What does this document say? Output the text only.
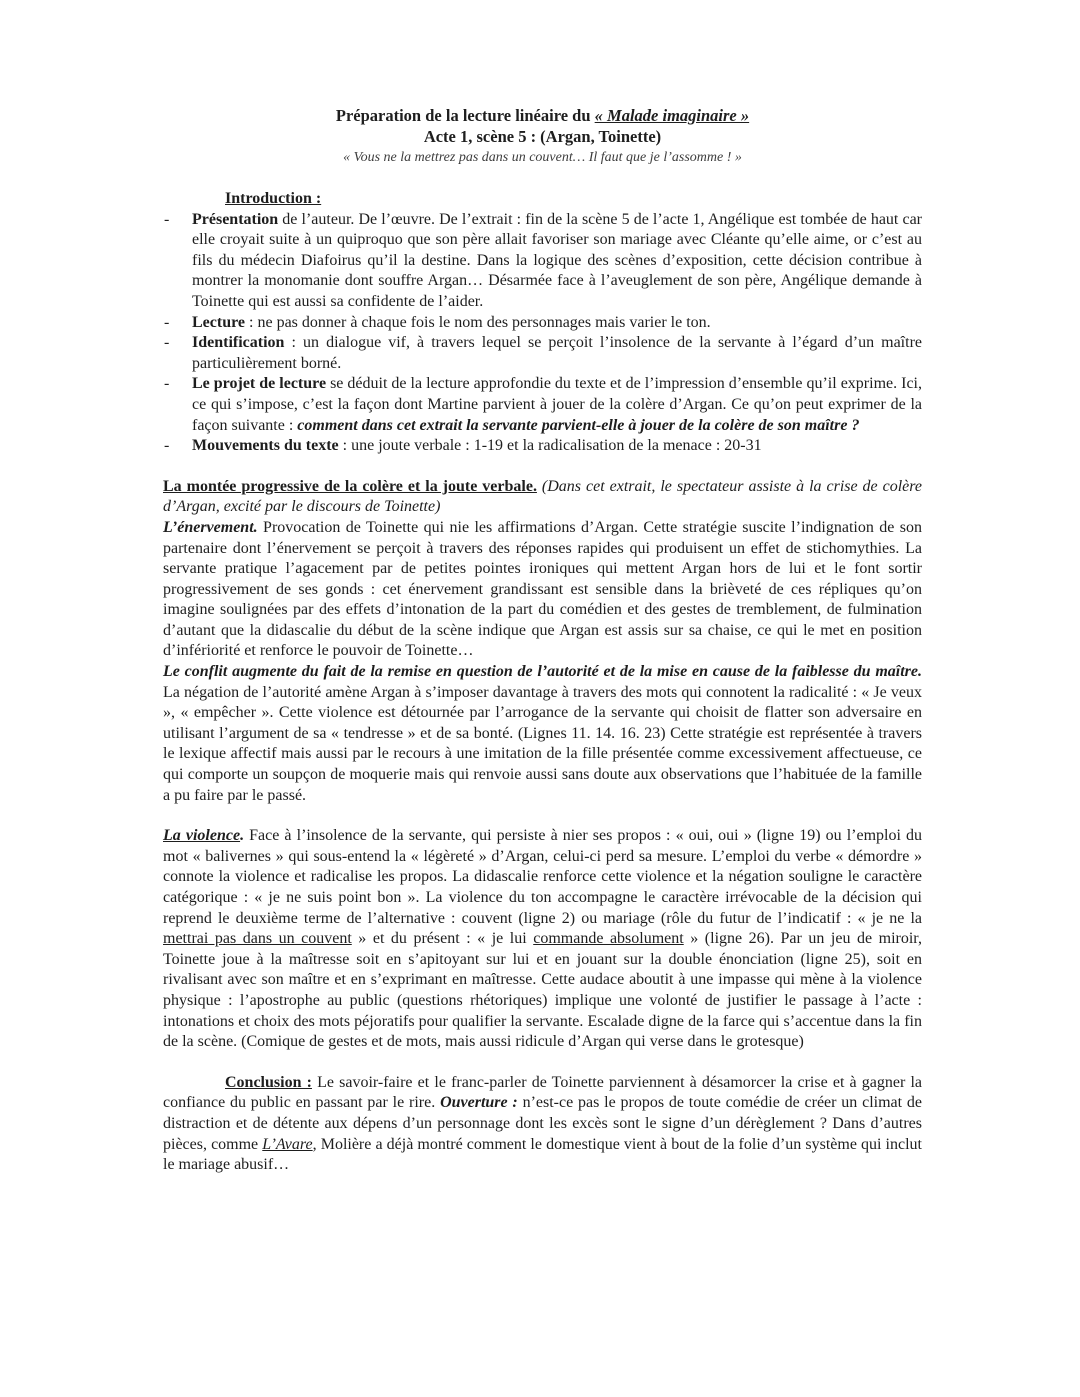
Préparation de la lecture linéaire du « Malade imaginaire »
Acte 1, scène 5 : (Argan, Toinette)
« Vous ne la mettrez pas dans un couvent… Il faut que je l’assomme ! »
Introduction :
- Présentation de l’auteur. De l’œuvre. De l’extrait : fin de la scène 5 de l’acte 1, Angélique est tombée de haut car elle croyait suite à un quiproquo que son père allait favoriser son mariage avec Cléante qu’elle aime, or c’est au fils du médecin Diafoirus qu’il la destine. Dans la logique des scènes d’exposition, cette décision contribue à montrer la monomanie dont souffre Argan… Désarmée face à l’aveuglement de son père, Angélique demande à Toinette qui est aussi sa confidente de l’aider.
- Lecture : ne pas donner à chaque fois le nom des personnages mais varier le ton.
- Identification : un dialogue vif, à travers lequel se perçoit l’insolence de la servante à l’égard d’un maître particulièrement borné.
- Le projet de lecture se déduit de la lecture approfondie du texte et de l’impression d’ensemble qu’il exprime. Ici, ce qui s’impose, c’est la façon dont Martine parvient à jouer de la colère d’Argan. Ce qu’on peut exprimer de la façon suivante : comment dans cet extrait la servante parvient-elle à jouer de la colère de son maître ?
- Mouvements du texte : une joute verbale : 1-19 et la radicalisation de la menace : 20-31
La montée progressive de la colère et la joute verbale. (Dans cet extrait, le spectateur assiste à la crise de colère d’Argan, excité par le discours de Toinette)
L’énervement. Provocation de Toinette qui nie les affirmations d’Argan. Cette stratégie suscite l’indignation de son partenaire dont l’énervement se perçoit à travers des réponses rapides qui produisent un effet de stichomythies. La servante pratique l’agacement par de petites pointes ironiques qui mettent Argan hors de lui et le font sortir progressivement de ses gonds : cet énervement grandissant est sensible dans la brièveté de ces répliques qu’on imagine soulignées par des effets d’intonation de la part du comédien et des gestes de tremblement, de fulmination d’autant que la didascalie du début de la scène indique que Argan est assis sur sa chaise, ce qui le met en position d’infériorité et renforce le pouvoir de Toinette…
Le conflit augmente du fait de la remise en question de l’autorité et de la mise en cause de la faiblesse du maître. La négation de l’autorité amène Argan à s’imposer davantage à travers des mots qui connotent la radicalité : « Je veux », « empêcher ». Cette violence est détournée par l’arrogance de la servante qui choisit de flatter son adversaire en utilisant l’argument de sa « tendresse » et de sa bonté. (Lignes 11. 14. 16. 23) Cette stratégie est représentée à travers le lexique affectif mais aussi par le recours à une imitation de la fille présentée comme excessivement affectueuse, ce qui comporte un soupçon de moquerie mais qui renvoie aussi sans doute aux observations que l’habituée de la famille a pu faire par le passé.
La violence. Face à l’insolence de la servante, qui persiste à nier ses propos : « oui, oui » (ligne 19) ou l’emploi du mot « balivernes » qui sous-entend la « légèreté » d’Argan, celui-ci perd sa mesure. L’emploi du verbe « démordre » connote la violence et radicalise les propos. La didascalie renforce cette violence et la négation souligne le caractère catégorique : « je ne suis point bon ». La violence du ton accompagne le caractère irrévocable de la décision qui reprend le deuxième terme de l’alternative : couvent (ligne 2) ou mariage (rôle du futur de l’indicatif : « je ne la mettrai pas dans un couvent » et du présent : « je lui commande absolument » (ligne 26). Par un jeu de miroir, Toinette joue à la maîtresse soit en s’apitoyant sur lui et en jouant sur la double énonciation (ligne 25), soit en rivalisant avec son maître et en s’exprimant en maîtresse. Cette audace aboutit à une impasse qui mène à la violence physique : l’apostrophe au public (questions rhétoriques) implique une volonté de justifier le passage à l’acte : intonations et choix des mots péjoratifs pour qualifier la servante. Escalade digne de la farce qui s’accentue dans la fin de la scène. (Comique de gestes et de mots, mais aussi ridicule d’Argan qui verse dans le grotesque)
Conclusion : Le savoir-faire et le franc-parler de Toinette parviennent à désamorcer la crise et à gagner la confiance du public en passant par le rire. Ouverture : n’est-ce pas le propos de toute comédie de créer un climat de distraction et de détente aux dépens d’un personnage dont les excès sont le signe d’un dérèglement ? Dans d’autres pièces, comme L’Avare, Molière a déjà montré comment le domestique vient à bout de la folie d’un système qui inclut le mariage abusif…
